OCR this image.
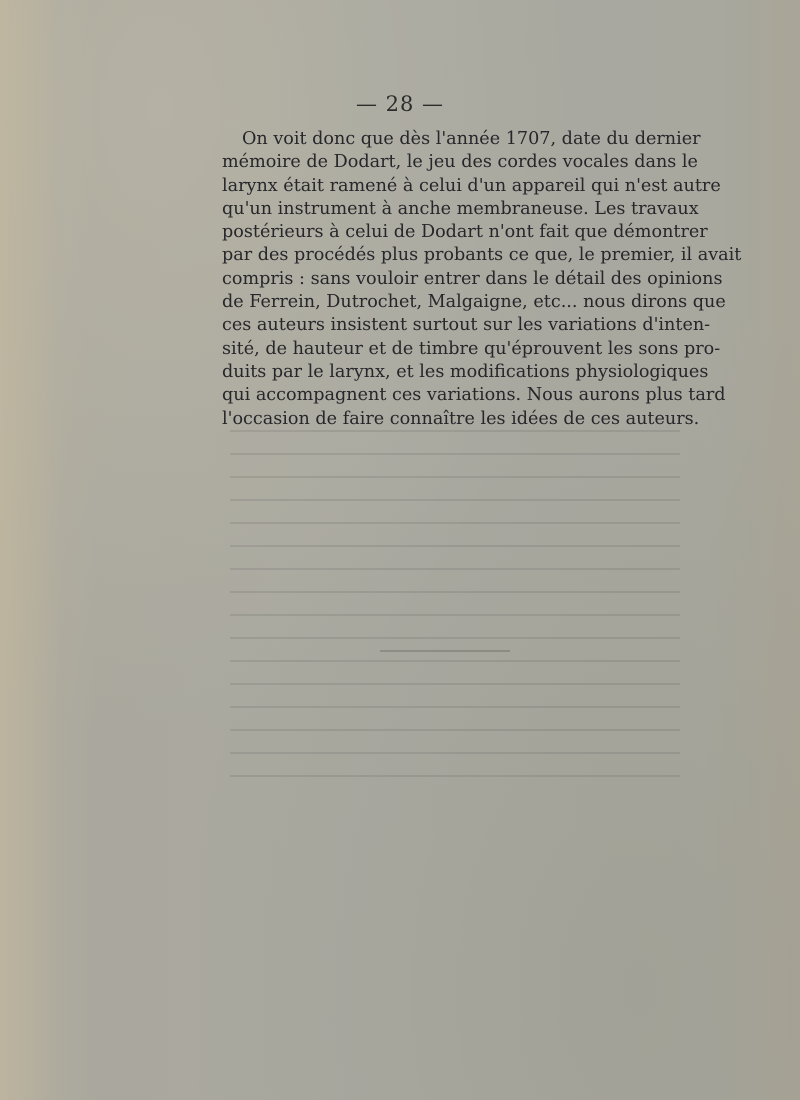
— 28 —
On voit donc que dès l'année 1707, date du dernier
mémoire de Dodart, le jeu des cordes vocales dans le
larynx était ramené à celui d'un appareil qui n'est autre
qu'un instrument à anche membraneuse. Les travaux
postérieurs à celui de Dodart n'ont fait que démontrer
par des procédés plus probants ce que, le premier, il avait
compris : sans vouloir entrer dans le détail des opinions
de Ferrein, Dutrochet, Malgaigne, etc... nous dirons que
ces auteurs insistent surtout sur les variations d'inten-
sité, de hauteur et de timbre qu'éprouvent les sons pro-
duits par le larynx, et les modifications physiologiques
qui accompagnent ces variations. Nous aurons plus tard
l'occasion de faire connaître les idées de ces auteurs.
